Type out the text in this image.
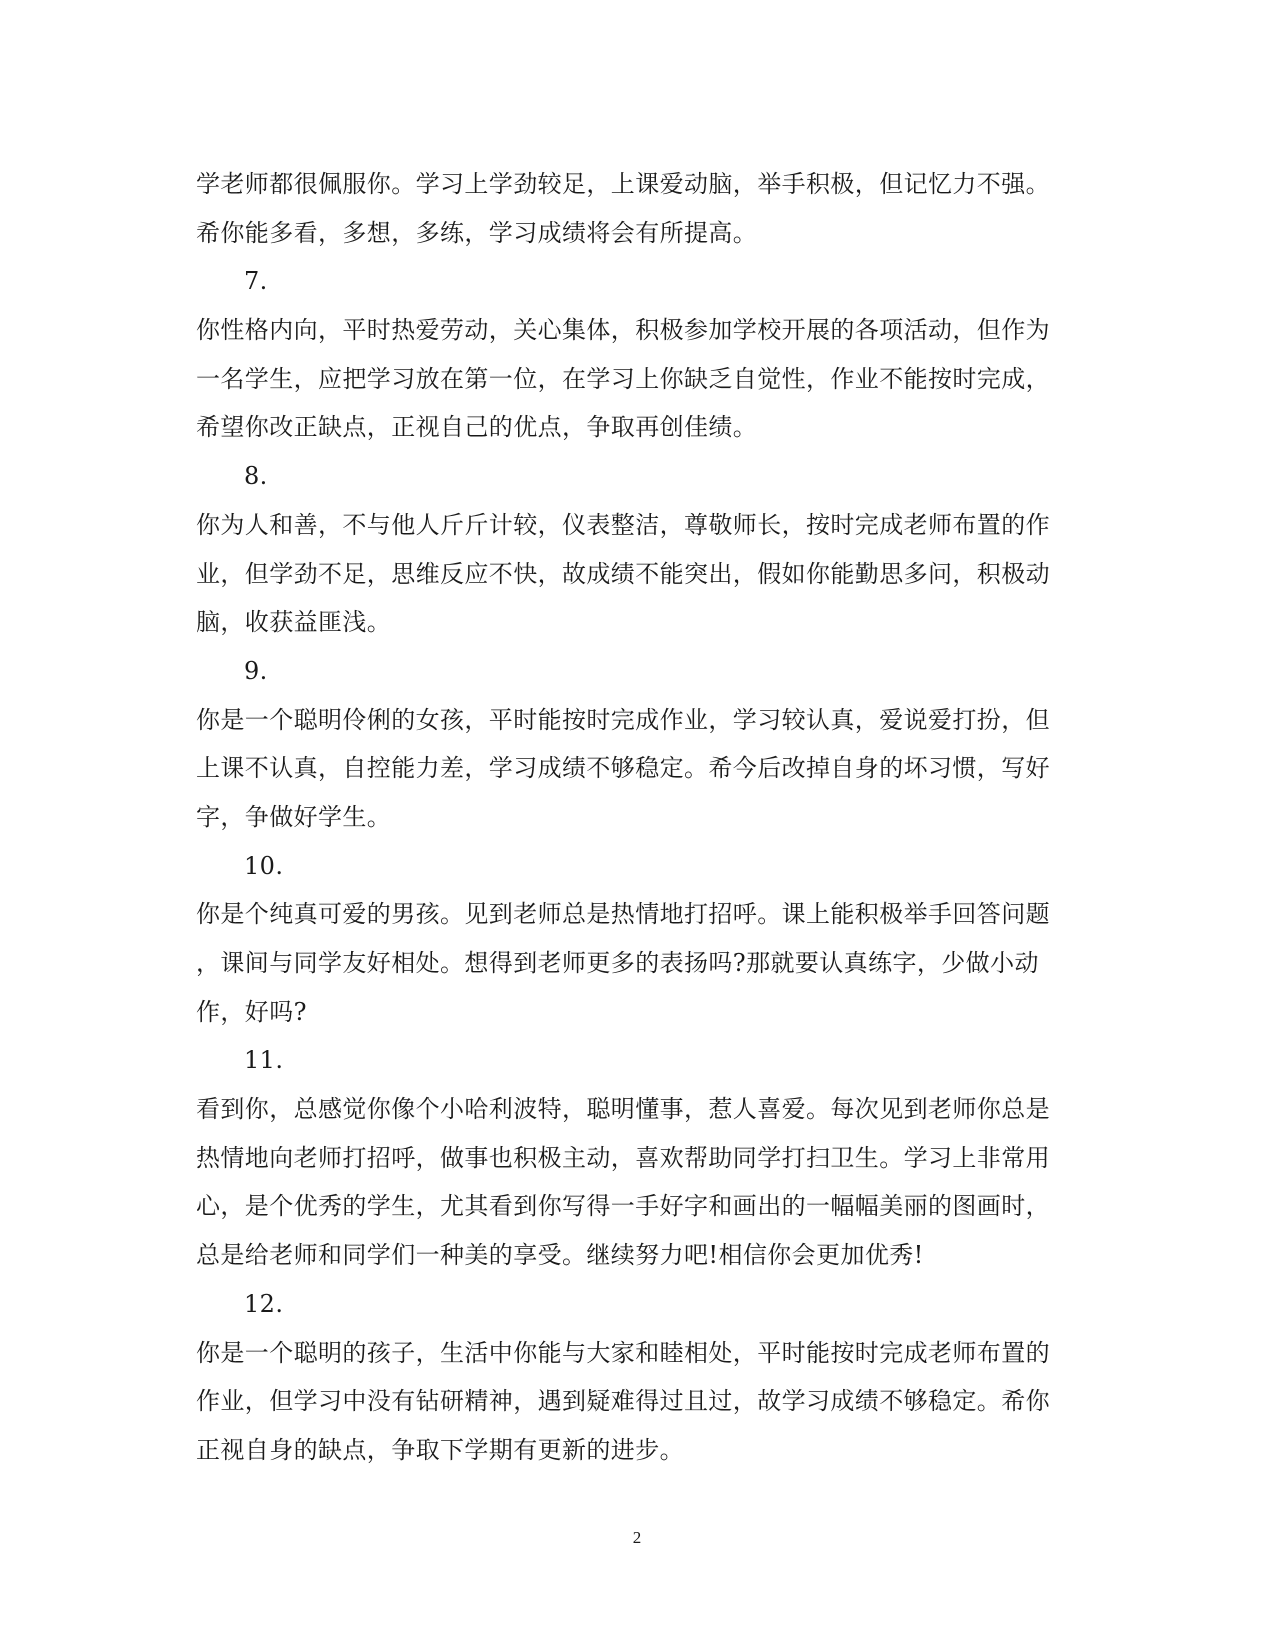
学老师都很佩服你。学习上学劲较足，上课爱动脑，举手积极，但记忆力不强。
希你能多看，多想，多练，学习成绩将会有所提高。
7.
你性格内向，平时热爱劳动，关心集体，积极参加学校开展的各项活动，但作为
一名学生，应把学习放在第一位，在学习上你缺乏自觉性，作业不能按时完成，
希望你改正缺点，正视自己的优点，争取再创佳绩。
8.
你为人和善，不与他人斤斤计较，仪表整洁，尊敬师长，按时完成老师布置的作
业，但学劲不足，思维反应不快，故成绩不能突出，假如你能勤思多问，积极动
脑，收获益匪浅。
9.
你是一个聪明伶俐的女孩，平时能按时完成作业，学习较认真，爱说爱打扮，但
上课不认真，自控能力差，学习成绩不够稳定。希今后改掉自身的坏习惯，写好
字，争做好学生。
10.
你是个纯真可爱的男孩。见到老师总是热情地打招呼。课上能积极举手回答问题
，课间与同学友好相处。想得到老师更多的表扬吗?那就要认真练字，少做小动
作，好吗?
11.
看到你，总感觉你像个小哈利波特，聪明懂事，惹人喜爱。每次见到老师你总是
热情地向老师打招呼，做事也积极主动，喜欢帮助同学打扫卫生。学习上非常用
心，是个优秀的学生，尤其看到你写得一手好字和画出的一幅幅美丽的图画时，
总是给老师和同学们一种美的享受。继续努力吧!相信你会更加优秀!
12.
你是一个聪明的孩子，生活中你能与大家和睦相处，平时能按时完成老师布置的
作业，但学习中没有钻研精神，遇到疑难得过且过，故学习成绩不够稳定。希你
正视自身的缺点，争取下学期有更新的进步。
2
